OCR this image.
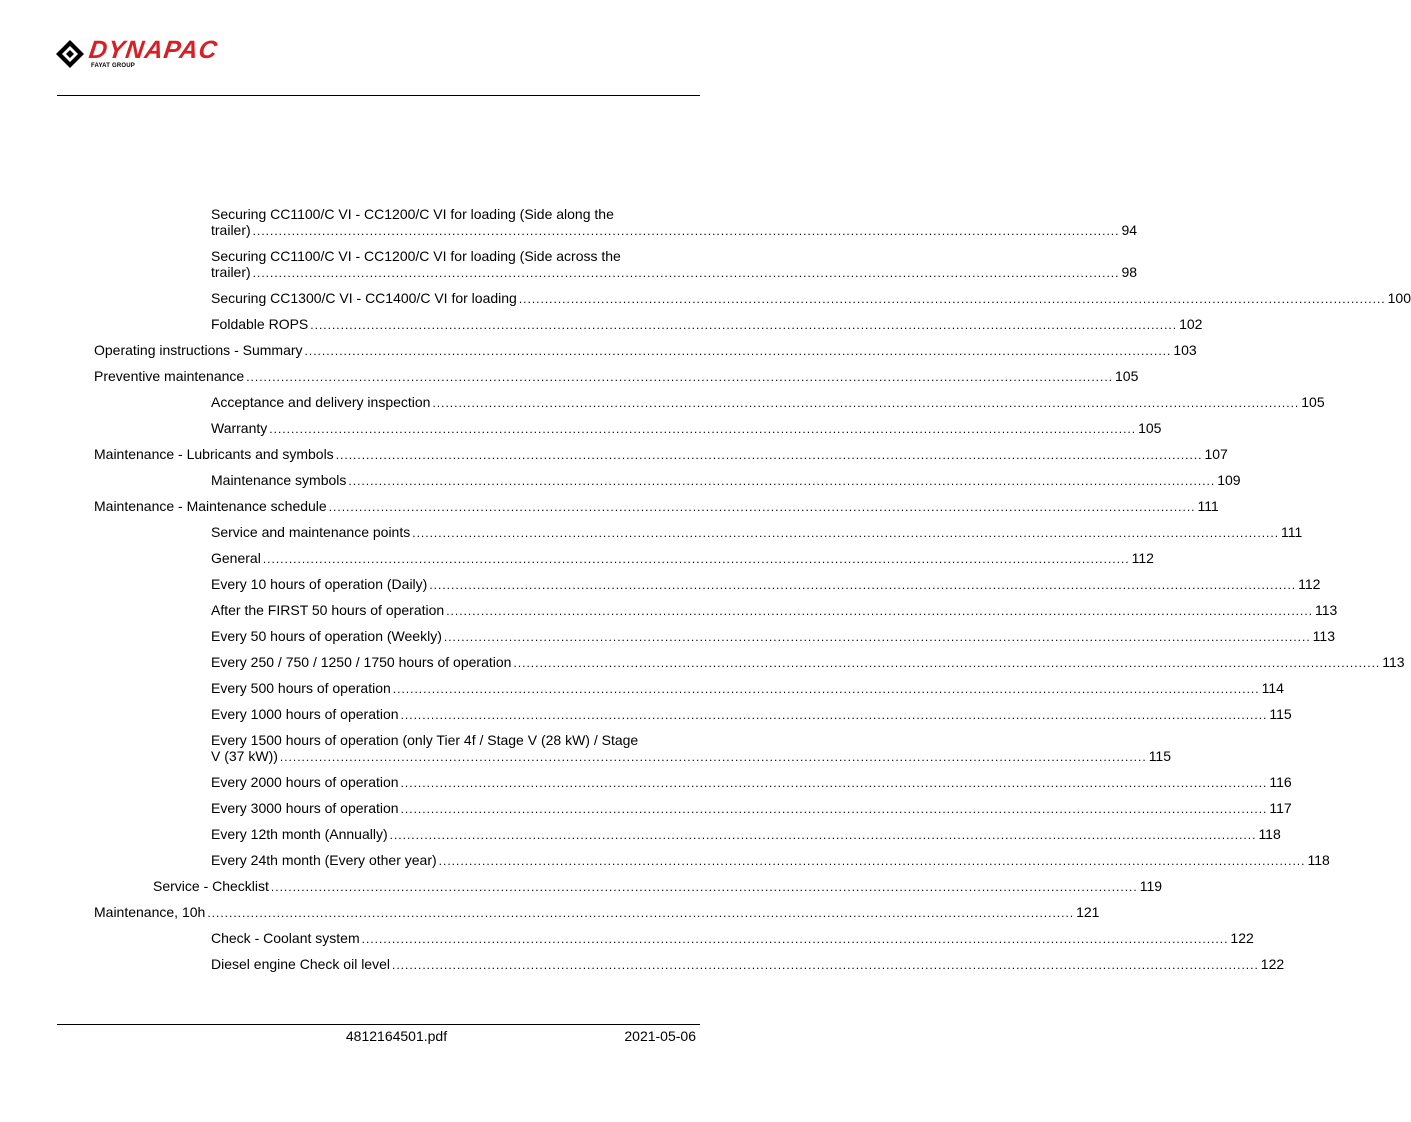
DYNAPAC
FAYAT GROUP
Securing CC1100/C VI - CC1200/C VI for loading (Side along the
trailer) ........................................................................................................................................................................................................ 94
Securing CC1100/C VI - CC1200/C VI for loading (Side across the
trailer) ........................................................................................................................................................................................................ 98
Securing CC1300/C VI - CC1400/C VI for loading ........................................................................................................................................................................................................ 100
Foldable ROPS ........................................................................................................................................................................................................ 102
Operating instructions - Summary ........................................................................................................................................................................................................ 103
Preventive maintenance ........................................................................................................................................................................................................ 105
Acceptance and delivery inspection ........................................................................................................................................................................................................ 105
Warranty ........................................................................................................................................................................................................ 105
Maintenance - Lubricants and symbols ........................................................................................................................................................................................................ 107
Maintenance symbols ........................................................................................................................................................................................................ 109
Maintenance - Maintenance schedule ........................................................................................................................................................................................................ 111
Service and maintenance points ........................................................................................................................................................................................................ 111
General ........................................................................................................................................................................................................ 112
Every 10 hours of operation (Daily) ........................................................................................................................................................................................................ 112
After the FIRST 50 hours of operation ........................................................................................................................................................................................................ 113
Every 50 hours of operation (Weekly) ........................................................................................................................................................................................................ 113
Every 250 / 750 / 1250 / 1750 hours of operation ........................................................................................................................................................................................................ 113
Every 500 hours of operation ........................................................................................................................................................................................................ 114
Every 1000 hours of operation ........................................................................................................................................................................................................ 115
Every 1500 hours of operation (only Tier 4f / Stage V (28 kW) / Stage
V (37 kW)) ........................................................................................................................................................................................................ 115
Every 2000 hours of operation ........................................................................................................................................................................................................ 116
Every 3000 hours of operation ........................................................................................................................................................................................................ 117
Every 12th month (Annually) ........................................................................................................................................................................................................ 118
Every 24th month (Every other year) ........................................................................................................................................................................................................ 118
Service - Checklist ........................................................................................................................................................................................................ 119
Maintenance, 10h ........................................................................................................................................................................................................ 121
Check - Coolant system ........................................................................................................................................................................................................ 122
Diesel engine Check oil level ........................................................................................................................................................................................................ 122
4812164501.pdf	2021-05-06
